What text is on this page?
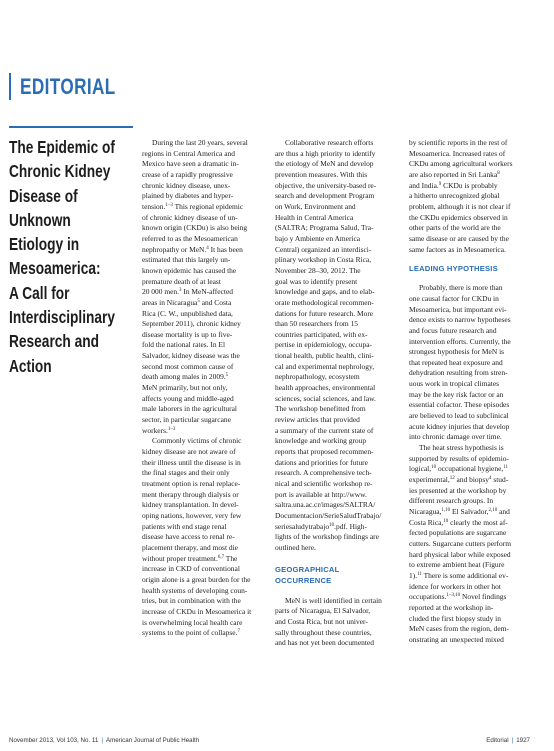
EDITORIAL
The Epidemic of
Chronic Kidney
Disease of
Unknown
Etiology in
Mesoamerica:
A Call for
Interdisciplinary
Research and
Action
During the last 20 years, several
regions in Central America and
Mexico have seen a dramatic in-
crease of a rapidly progressive
chronic kidney disease, unex-
plained by diabetes and hyper-
tension.$^{1-3}$ This regional epidemic
of chronic kidney disease of un-
known origin (CKDu) is also being
referred to as the Mesoamerican
nephropathy or MeN.$^4$ It has been
estimated that this largely un-
known epidemic has caused the
premature death of at least
20 000 men.$^3$ In MeN-affected
areas in Nicaragua$^5$ and Costa
Rica (C. W., unpublished data,
September 2011), chronic kidney
disease mortality is up to five-
fold the national rates. In El
Salvador, kidney disease was the
second most common cause of
death among males in 2009.$^5$
MeN primarily, but not only,
affects young and middle-aged
male laborers in the agricultural
sector, in particular sugarcane
workers.$^{1-3}$
Commonly victims of chronic
kidney disease are not aware of
their illness until the disease is in
the final stages and their only
treatment option is renal replace-
ment therapy through dialysis or
kidney transplantation. In devel-
oping nations, however, very few
patients with end stage renal
disease have access to renal re-
placement therapy, and most die
without proper treatment.$^{6,7}$ The
increase in CKD of conventional
origin alone is a great burden for the
health systems of developing coun-
tries, but in combination with the
increase of CKDu in Mesoamerica it
is overwhelming local health care
systems to the point of collapse.$^7$
Collaborative research efforts
are thus a high priority to identify
the etiology of MeN and develop
prevention measures. With this
objective, the university-based re-
search and development Program
on Work, Environment and
Health in Central America
(SALTRA; Programa Salud, Tra-
bajo y Ambiente en America
Central) organized an interdisci-
plinary workshop in Costa Rica,
November 28–30, 2012. The
goal was to identify present
knowledge and gaps, and to elab-
orate methodological recommen-
dations for future research. More
than 50 researchers from 15
countries participated, with ex-
pertise in epidemiology, occupa-
tional health, public health, clini-
cal and experimental nephrology,
nephropathology, ecosystem
health approaches, environmental
sciences, social sciences, and law.
The workshop benefitted from
review articles that provided
a summary of the current state of
knowledge and working group
reports that proposed recommen-
dations and priorities for future
research. A comprehensive tech-
nical and scientific workshop re-
port is available at http://www.
saltra.una.ac.cr/images/SALTRA/
Documentacion/SerieSaludTrabajo/
seriesaludytrabajo$^{10}$.pdf. High-
lights of the workshop findings are
outlined here.
GEOGRAPHICAL
OCCURRENCE
MeN is well identified in certain
parts of Nicaragua, El Salvador,
and Costa Rica, but not univer-
sally throughout these countries,
and has not yet been documented
by scientific reports in the rest of
Mesoamerica. Increased rates of
CKDu among agricultural workers
are also reported in Sri Lanka$^8$
and India.$^9$ CKDu is probably
a hitherto unrecognized global
problem, although it is not clear if
the CKDu epidemics observed in
other parts of the world are the
same disease or are caused by the
same factors as in Mesoamerica.
LEADING HYPOTHESIS
Probably, there is more than
one causal factor for CKDu in
Mesoamerica, but important evi-
dence exists to narrow hypotheses
and focus future research and
intervention efforts. Currently, the
strongest hypothesis for MeN is
that repeated heat exposure and
dehydration resulting from stren-
uous work in tropical climates
may be the key risk factor or an
essential cofactor. These episodes
are believed to lead to subclinical
acute kidney injuries that develop
into chronic damage over time.
The heat stress hypothesis is
supported by results of epidemio-
logical,$^{10}$ occupational hygiene,$^{11}$
experimental,$^{12}$ and biopsy$^4$ stud-
ies presented at the workshop by
different research groups. In
Nicaragua,$^{1,10}$ El Salvador,$^{2,10}$ and
Costa Rica,$^{10}$ clearly the most af-
fected populations are sugarcane
cutters. Sugarcane cutters perform
hard physical labor while exposed
to extreme ambient heat (Figure
1).$^{11}$ There is some additional ev-
idence for workers in other hot
occupations.$^{1-3,10}$ Novel findings
reported at the workshop in-
cluded the first biopsy study in
MeN cases from the region, dem-
onstrating an unexpected mixed
November 2013, Vol 103, No. 11 | American Journal of Public Health	Editorial | 1927
